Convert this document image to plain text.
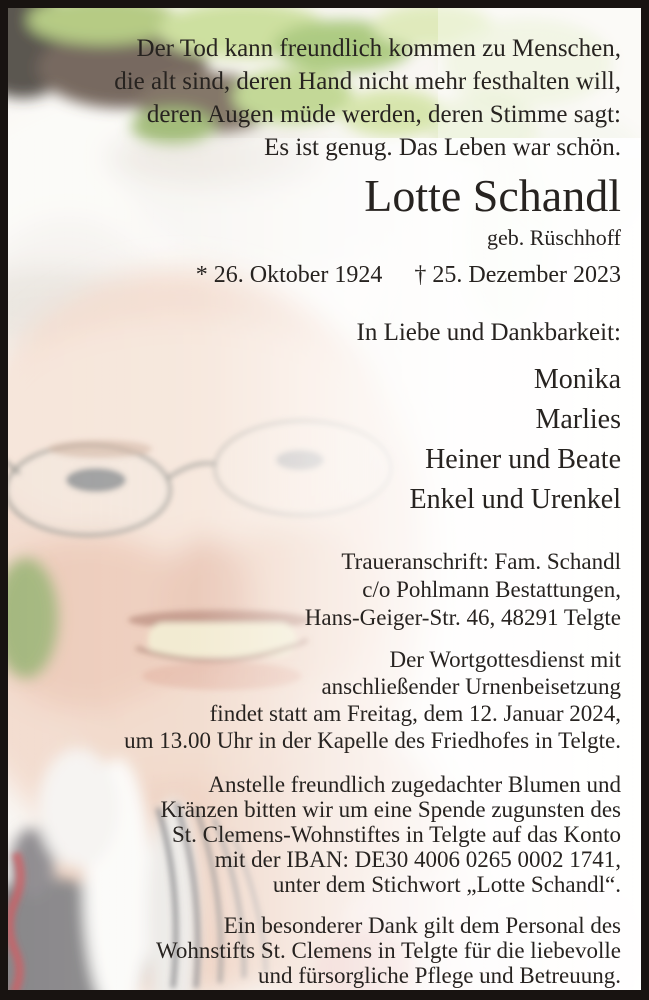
Der Tod kann freundlich kommen zu Menschen,
die alt sind, deren Hand nicht mehr festhalten will,
deren Augen müde werden, deren Stimme sagt:
Es ist genug. Das Leben war schön.
Lotte Schandl
geb. Rüschhoff
* 26. Oktober 1924 † 25. Dezember 2023
In Liebe und Dankbarkeit:
Monika
Marlies
Heiner und Beate
Enkel und Urenkel
Traueranschrift: Fam. Schandl
c/o Pohlmann Bestattungen,
Hans-Geiger-Str. 46, 48291 Telgte
Der Wortgottesdienst mit
anschließender Urnenbeisetzung
findet statt am Freitag, dem 12. Januar 2024,
um 13.00 Uhr in der Kapelle des Friedhofes in Telgte.
Anstelle freundlich zugedachter Blumen und
Kränzen bitten wir um eine Spende zugunsten des
St. Clemens-Wohnstiftes in Telgte auf das Konto
mit der IBAN: DE30 4006 0265 0002 1741,
unter dem Stichwort „Lotte Schandl“.
Ein besonderer Dank gilt dem Personal des
Wohnstifts St. Clemens in Telgte für die liebevolle
und fürsorgliche Pflege und Betreuung.
